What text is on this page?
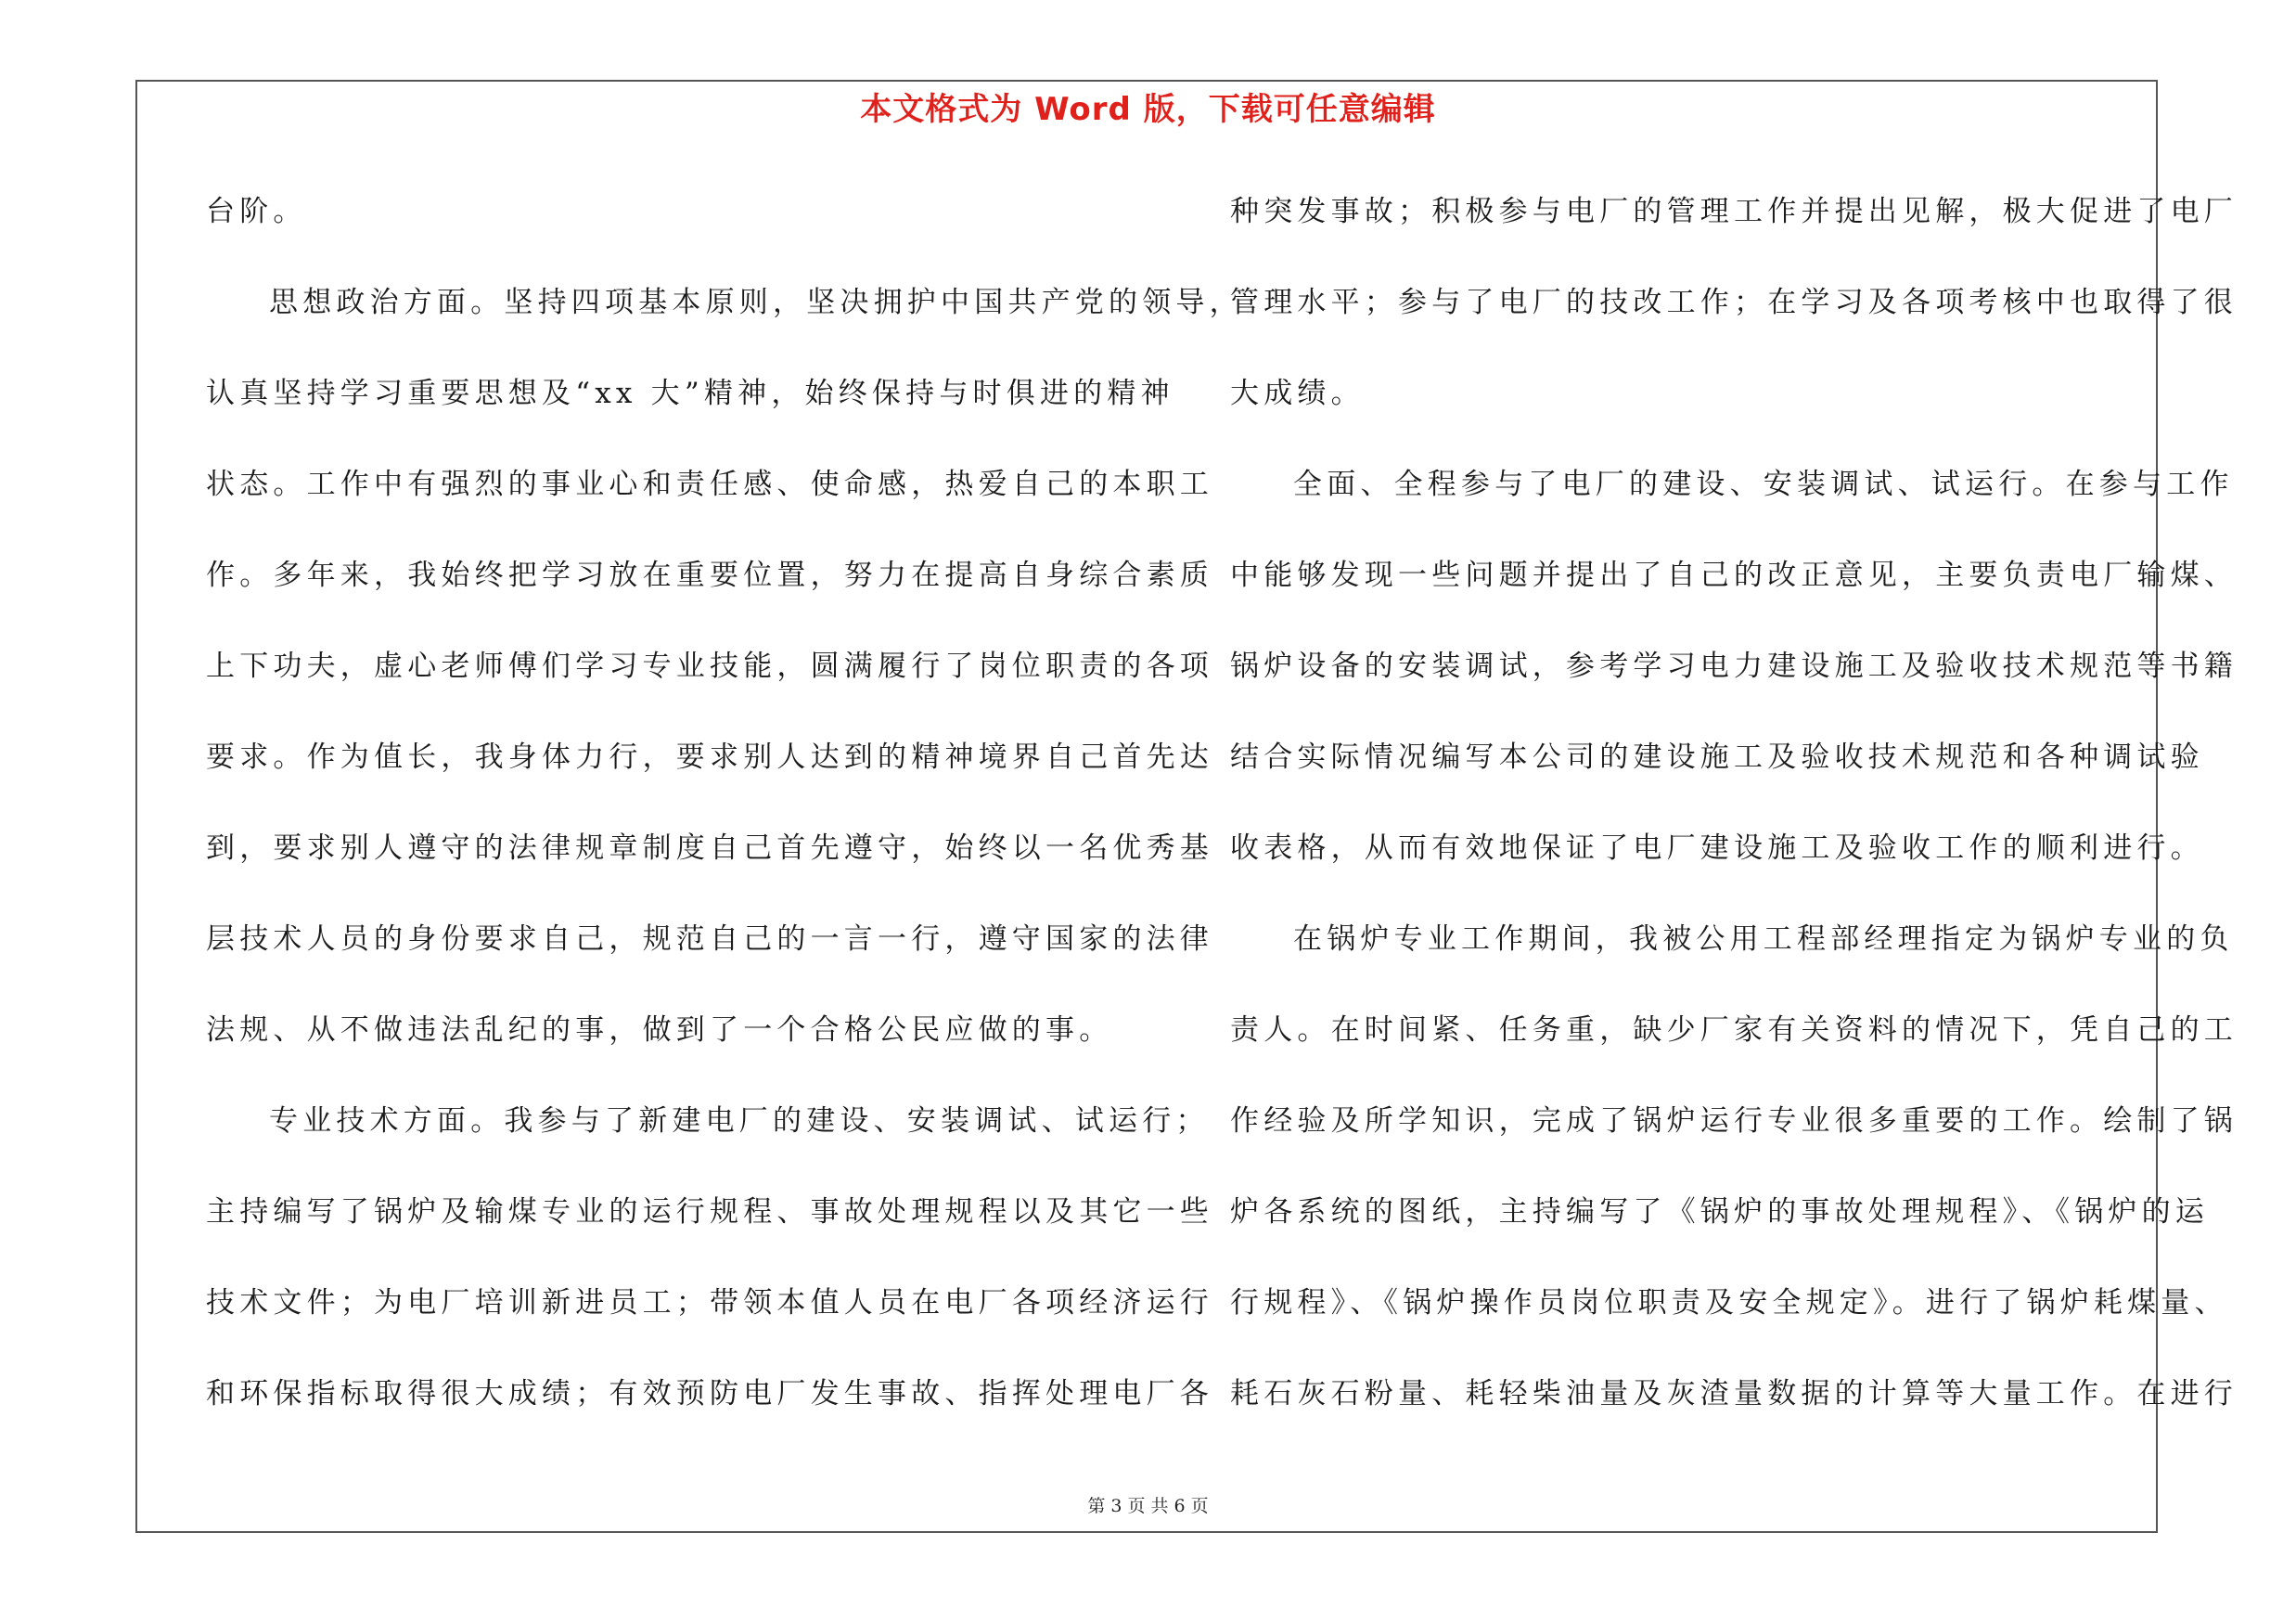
本文格式为 Word 版，下载可任意编辑
台阶。
思想政治方面。坚持四项基本原则，坚决拥护中国共产党的领导，
认真坚持学习重要思想及“xx 大”精神，始终保持与时俱进的精神
状态。工作中有强烈的事业心和责任感、使命感，热爱自己的本职工
作。多年来，我始终把学习放在重要位置，努力在提高自身综合素质
上下功夫，虚心老师傅们学习专业技能，圆满履行了岗位职责的各项
要求。作为值长，我身体力行，要求别人达到的精神境界自己首先达
到，要求别人遵守的法律规章制度自己首先遵守，始终以一名优秀基
层技术人员的身份要求自己，规范自己的一言一行，遵守国家的法律
法规、从不做违法乱纪的事，做到了一个合格公民应做的事。
专业技术方面。我参与了新建电厂的建设、安装调试、试运行；
主持编写了锅炉及输煤专业的运行规程、事故处理规程以及其它一些
技术文件；为电厂培训新进员工；带领本值人员在电厂各项经济运行
和环保指标取得很大成绩；有效预防电厂发生事故、指挥处理电厂各
种突发事故；积极参与电厂的管理工作并提出见解，极大促进了电厂
管理水平；参与了电厂的技改工作；在学习及各项考核中也取得了很
大成绩。
全面、全程参与了电厂的建设、安装调试、试运行。在参与工作
中能够发现一些问题并提出了自己的改正意见，主要负责电厂输煤、
锅炉设备的安装调试，参考学习电力建设施工及验收技术规范等书籍
结合实际情况编写本公司的建设施工及验收技术规范和各种调试验
收表格，从而有效地保证了电厂建设施工及验收工作的顺利进行。
在锅炉专业工作期间，我被公用工程部经理指定为锅炉专业的负
责人。在时间紧、任务重，缺少厂家有关资料的情况下，凭自己的工
作经验及所学知识，完成了锅炉运行专业很多重要的工作。绘制了锅
炉各系统的图纸，主持编写了《锅炉的事故处理规程》、《锅炉的运
行规程》、《锅炉操作员岗位职责及安全规定》。进行了锅炉耗煤量、
耗石灰石粉量、耗轻柴油量及灰渣量数据的计算等大量工作。在进行
第 3 页 共 6 页
